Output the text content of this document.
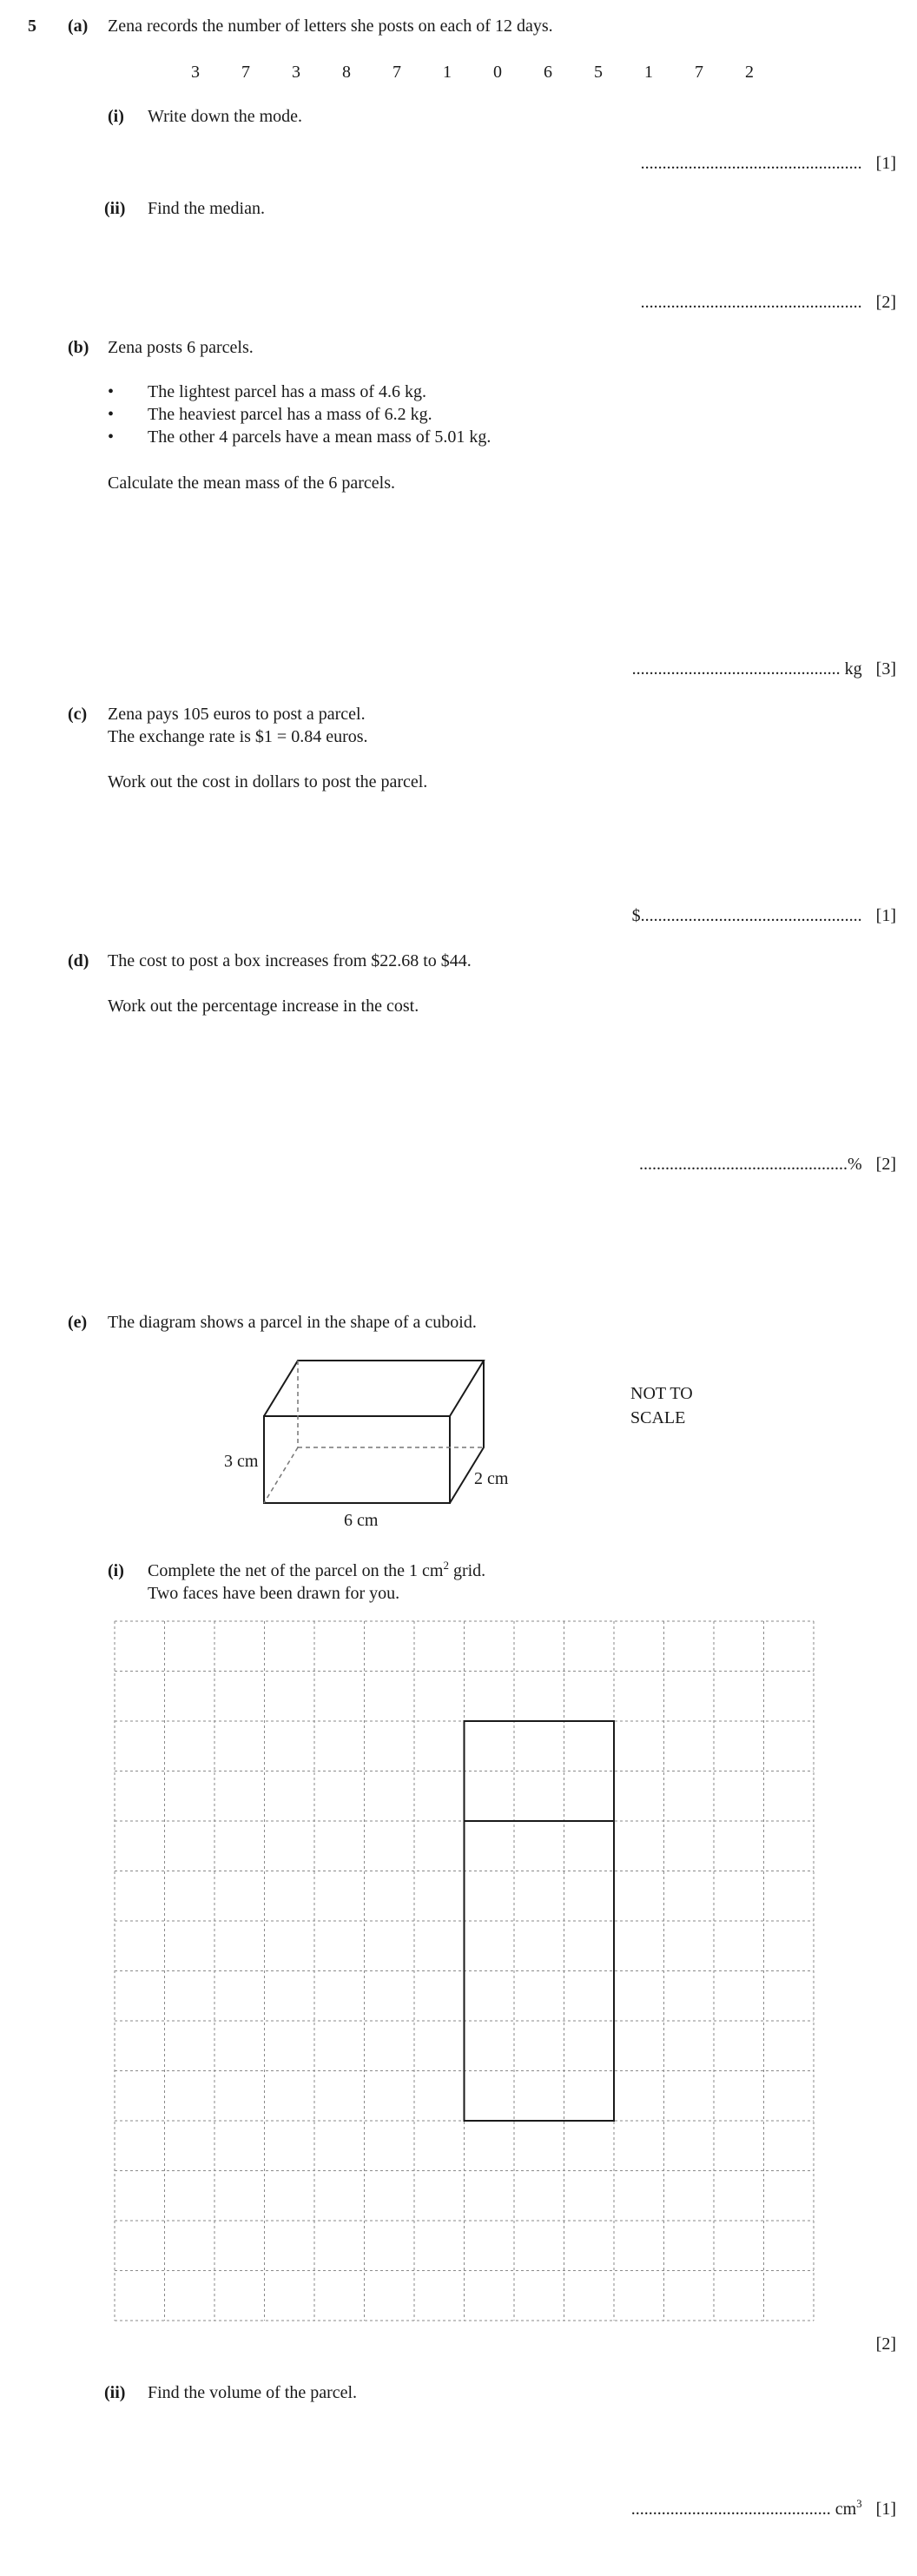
5 (a) Zena records the number of letters she posts on each of 12 days.
3	7	3	8	7	1	0	6	5	1	7	2
(i) Write down the mode.
................................................... [1]
(ii) Find the median.
................................................... [2]
(b) Zena posts 6 parcels.
• The lightest parcel has a mass of 4.6 kg.
• The heaviest parcel has a mass of 6.2 kg.
• The other 4 parcels have a mean mass of 5.01 kg.
Calculate the mean mass of the 6 parcels.
................................................ kg [3]
(c) Zena pays 105 euros to post a parcel.
The exchange rate is $1 = 0.84 euros.
Work out the cost in dollars to post the parcel.
$................................................... [1]
(d) The cost to post a box increases from $22.68 to $44.
Work out the percentage increase in the cost.
................................................% [2]
(e) The diagram shows a parcel in the shape of a cuboid.
3 cm
2 cm
6 cm
NOT TO
SCALE
(i) Complete the net of the parcel on the 1 $cm^2$ grid.
Two faces have been drawn for you.
[2]
(ii) Find the volume of the parcel.
.............................................. $cm^3$ [1]
